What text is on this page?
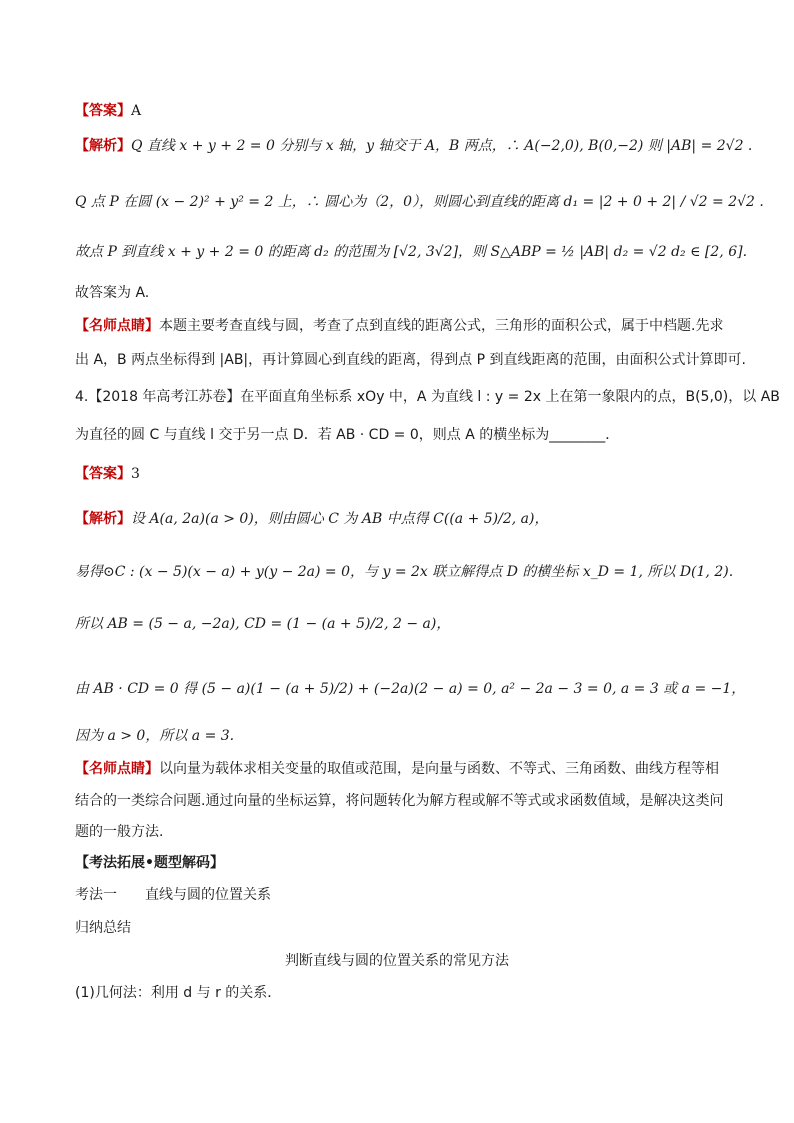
【答案】A
【解析】Q 直线 x + y + 2 = 0 分别与 x 轴，y 轴交于 A，B 两点，∴ A(−2,0), B(0,−2) 则 |AB| = 2√2 .
Q 点 P 在圆 (x − 2)² + y² = 2 上，∴ 圆心为（2，0），则圆心到直线的距离 d₁ = |2 + 0 + 2| / √2 = 2√2 .
故点 P 到直线 x + y + 2 = 0 的距离 d₂ 的范围为 [√2, 3√2]，则 S△ABP = ½ |AB| d₂ = √2 d₂ ∈ [2, 6].
故答案为 A.
【名师点睛】本题主要考查直线与圆，考查了点到直线的距离公式，三角形的面积公式，属于中档题.先求
出 A，B 两点坐标得到 |AB|，再计算圆心到直线的距离，得到点 P 到直线距离的范围，由面积公式计算即可.
4.【2018 年高考江苏卷】在平面直角坐标系 xOy 中，A 为直线 l : y = 2x 上在第一象限内的点，B(5,0)，以 AB
为直径的圆 C 与直线 l 交于另一点 D．若 AB · CD = 0，则点 A 的横坐标为________．
【答案】3
【解析】设 A(a, 2a)(a > 0)，则由圆心 C 为 AB 中点得 C((a + 5)/2, a)，
易得⊙C : (x − 5)(x − a) + y(y − 2a) = 0，与 y = 2x 联立解得点 D 的横坐标 x_D = 1, 所以 D(1, 2).
所以 AB = (5 − a, −2a), CD = (1 − (a + 5)/2, 2 − a)，
由 AB · CD = 0 得 (5 − a)(1 − (a + 5)/2) + (−2a)(2 − a) = 0, a² − 2a − 3 = 0, a = 3 或 a = −1，
因为 a > 0，所以 a = 3.
【名师点睛】以向量为载体求相关变量的取值或范围，是向量与函数、不等式、三角函数、曲线方程等相
结合的一类综合问题.通过向量的坐标运算，将问题转化为解方程或解不等式或求函数值域，是解决这类问
题的一般方法.
【考法拓展•题型解码】
考法一　　直线与圆的位置关系
归纳总结
判断直线与圆的位置关系的常见方法
(1)几何法：利用 d 与 r 的关系．
